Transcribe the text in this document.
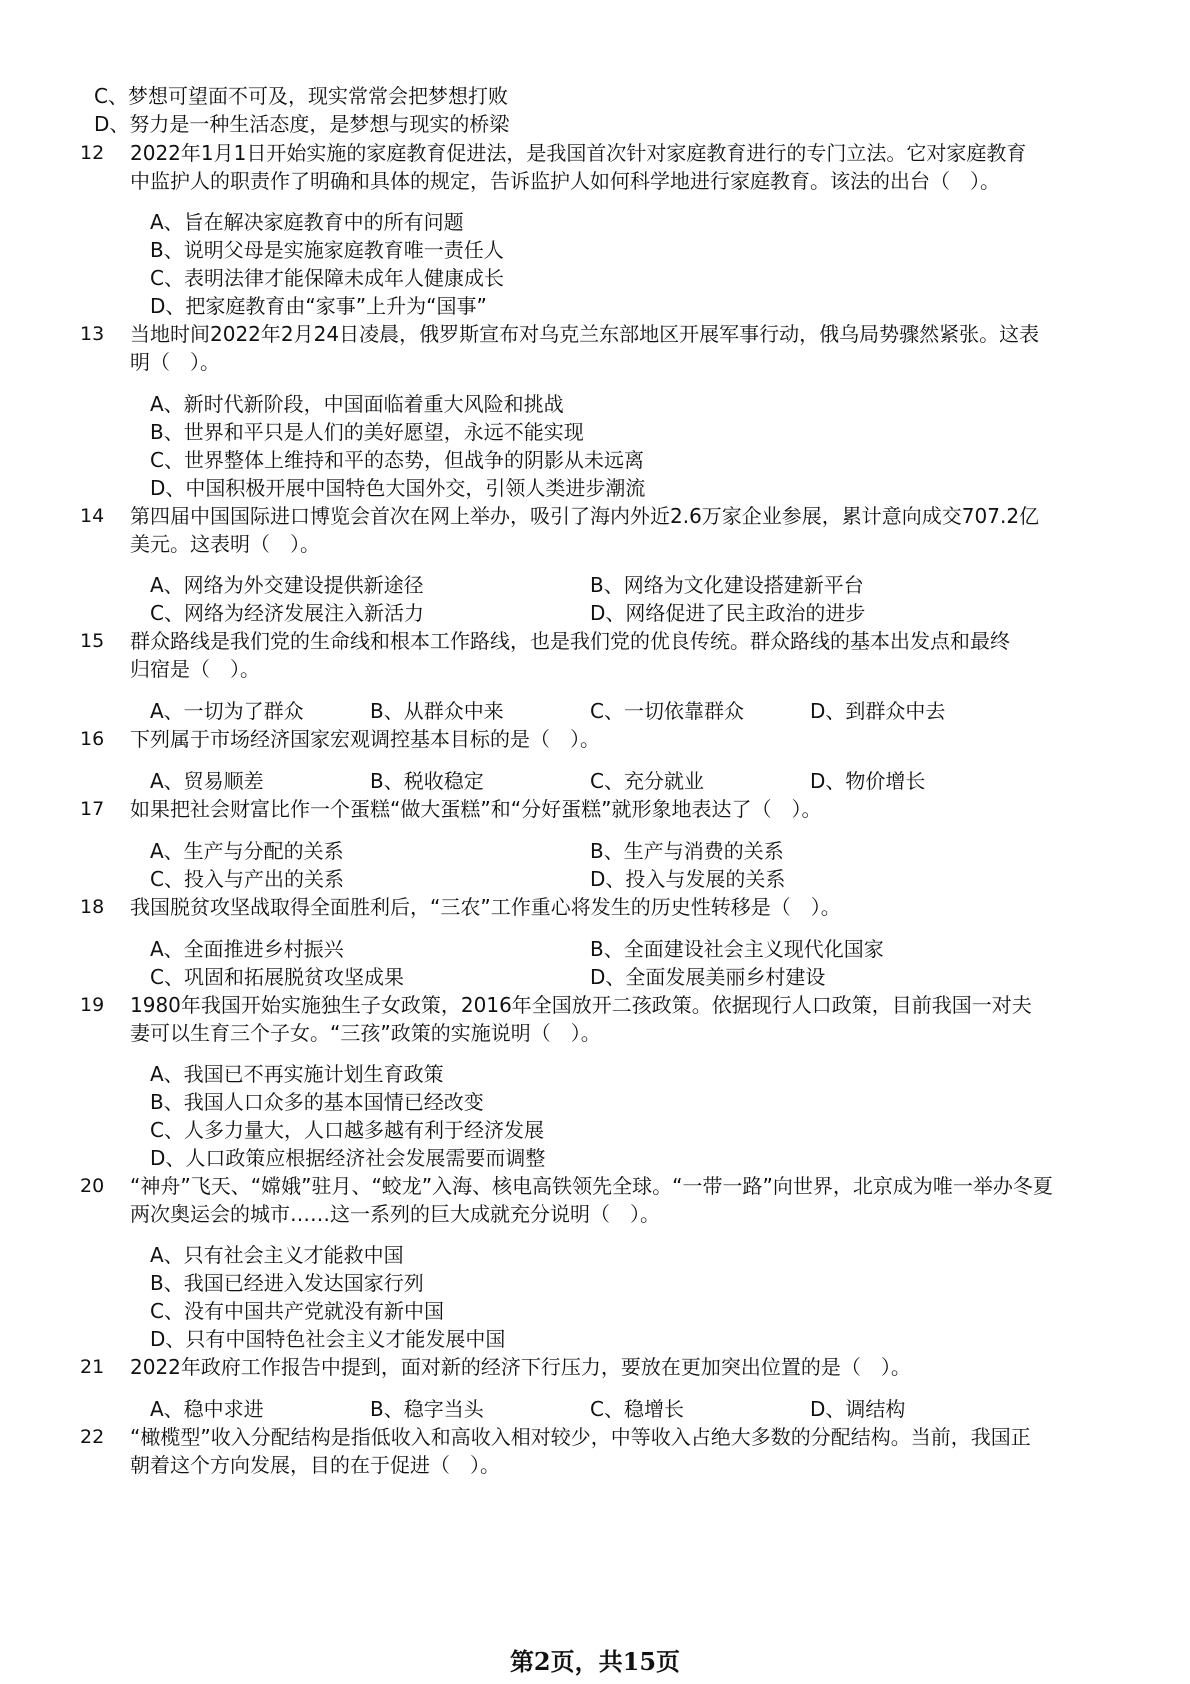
C、梦想可望面不可及，现实常常会把梦想打败
D、努力是一种生活态度，是梦想与现实的桥梁
12 2022年1月1日开始实施的家庭教育促进法，是我国首次针对家庭教育进行的专门立法。它对家庭教育
中监护人的职责作了明确和具体的规定，告诉监护人如何科学地进行家庭教育。该法的出台（　）。
A、旨在解决家庭教育中的所有问题
B、说明父母是实施家庭教育唯一责任人
C、表明法律才能保障未成年人健康成长
D、把家庭教育由“家事”上升为“国事”
13 当地时间2022年2月24日凌晨，俄罗斯宣布对乌克兰东部地区开展军事行动，俄乌局势骤然紧张。这表
明（　）。
A、新时代新阶段，中国面临着重大风险和挑战
B、世界和平只是人们的美好愿望，永远不能实现
C、世界整体上维持和平的态势，但战争的阴影从未远离
D、中国积极开展中国特色大国外交，引领人类进步潮流
14 第四届中国国际进口博览会首次在网上举办，吸引了海内外近2.6万家企业参展，累计意向成交707.2亿
美元。这表明（　）。
A、网络为外交建设提供新途径	B、网络为文化建设搭建新平台
C、网络为经济发展注入新活力	D、网络促进了民主政治的进步
15 群众路线是我们党的生命线和根本工作路线，也是我们党的优良传统。群众路线的基本出发点和最终
归宿是（　）。
A、一切为了群众	B、从群众中来	C、一切依靠群众	D、到群众中去
16 下列属于市场经济国家宏观调控基本目标的是（　）。
A、贸易顺差	B、税收稳定	C、充分就业	D、物价增长
17 如果把社会财富比作一个蛋糕“做大蛋糕”和“分好蛋糕”就形象地表达了（　）。
A、生产与分配的关系	B、生产与消费的关系
C、投入与产出的关系	D、投入与发展的关系
18 我国脱贫攻坚战取得全面胜利后，“三农”工作重心将发生的历史性转移是（　）。
A、全面推进乡村振兴	B、全面建设社会主义现代化国家
C、巩固和拓展脱贫攻坚成果	D、全面发展美丽乡村建设
19 1980年我国开始实施独生子女政策，2016年全国放开二孩政策。依据现行人口政策，目前我国一对夫
妻可以生育三个子女。“三孩”政策的实施说明（　）。
A、我国已不再实施计划生育政策
B、我国人口众多的基本国情已经改变
C、人多力量大，人口越多越有利于经济发展
D、人口政策应根据经济社会发展需要而调整
20 “神舟”飞天、“嫦娥”驻月、“蛟龙”入海、核电高铁领先全球。“一带一路”向世界，北京成为唯一举办冬夏
两次奥运会的城市……这一系列的巨大成就充分说明（　）。
A、只有社会主义才能救中国
B、我国已经进入发达国家行列
C、没有中国共产党就没有新中国
D、只有中国特色社会主义才能发展中国
21 2022年政府工作报告中提到，面对新的经济下行压力，要放在更加突出位置的是（　）。
A、稳中求进	B、稳字当头	C、稳增长	D、调结构
22 “橄榄型”收入分配结构是指低收入和高收入相对较少，中等收入占绝大多数的分配结构。当前，我国正
朝着这个方向发展，目的在于促进（　）。
第2页，共15页
